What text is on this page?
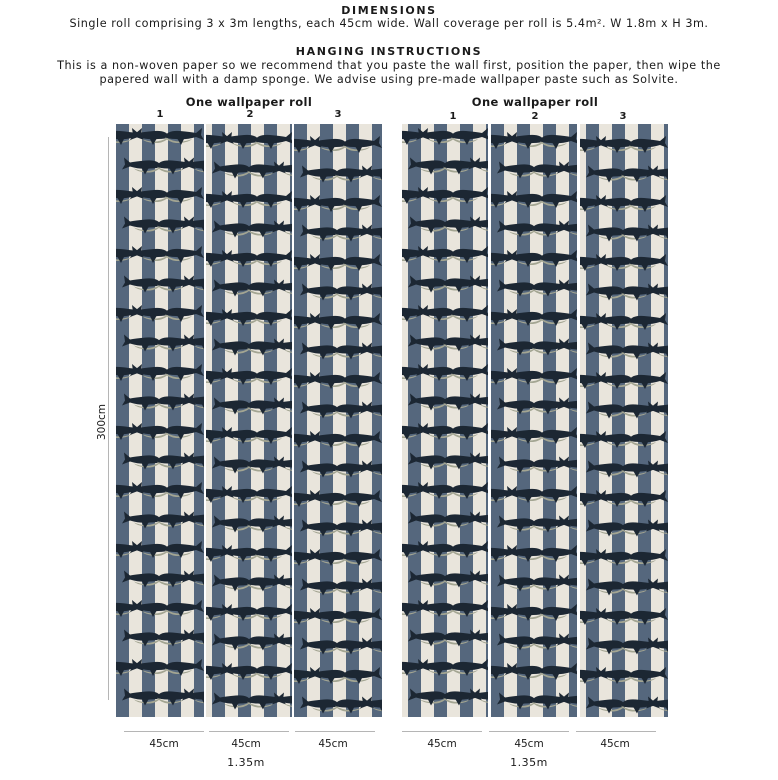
DIMENSIONS
Single roll comprising 3 x 3m lengths, each 45cm wide. Wall coverage per roll is 5.4m². W 1.8m x H 3m.
HANGING INSTRUCTIONS
This is a non-woven paper so we recommend that you paste the wall first, position the paper, then wipe the
papered wall with a damp sponge. We advise using pre-made wallpaper paste such as Solvite.
One wallpaper roll	One wallpaper roll
1	2	3	1	2	3
300cm
45cm	45cm	45cm	45cm	45cm	45cm
1.35m	1.35m
